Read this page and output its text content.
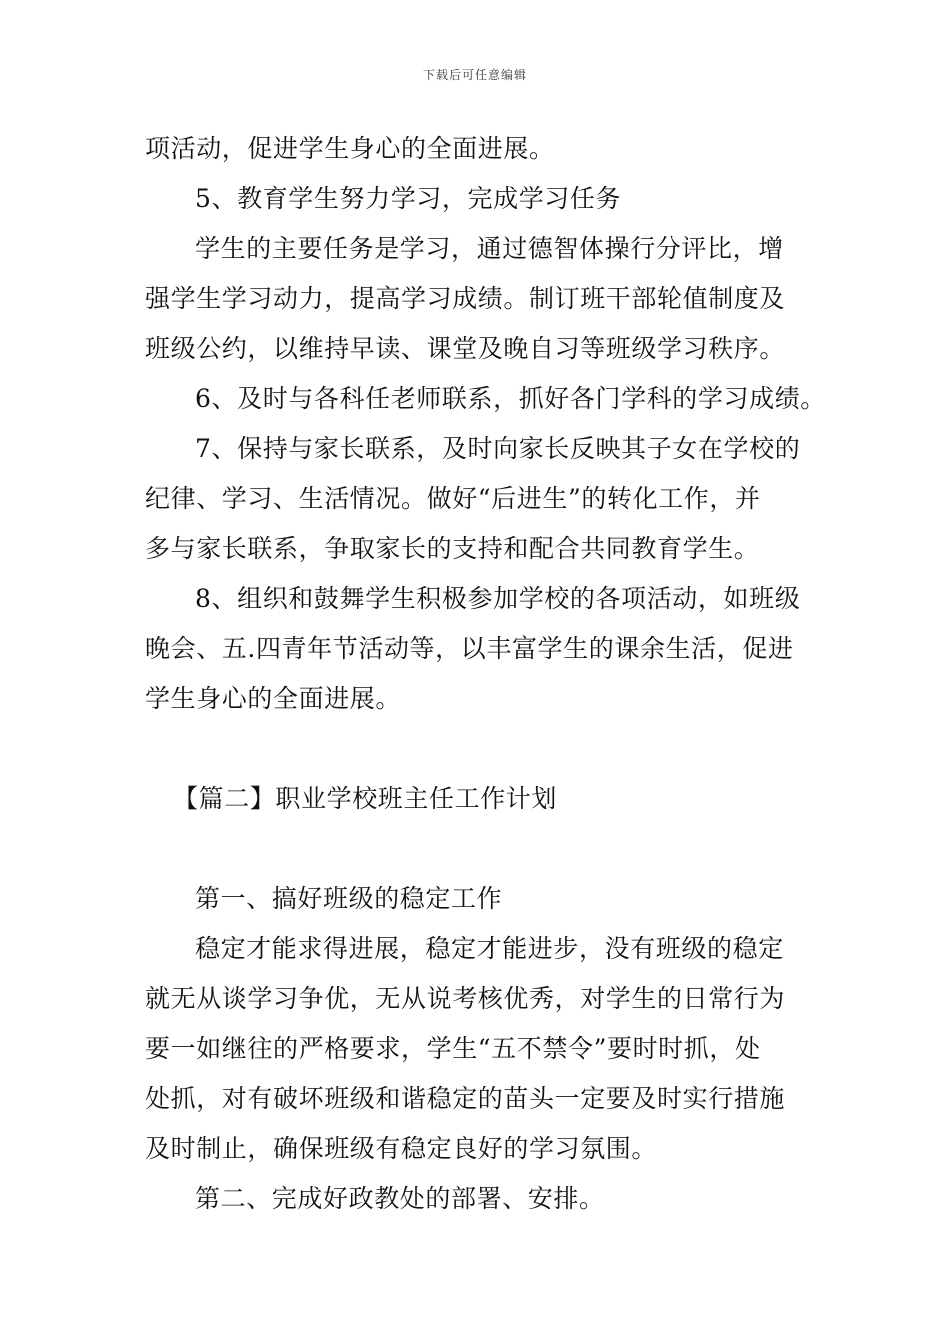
下载后可任意编辑
项活动，促进学生身心的全面进展。
5、教育学生努力学习，完成学习任务
学生的主要任务是学习，通过德智体操行分评比，增
强学生学习动力，提高学习成绩。制订班干部轮值制度及
班级公约，以维持早读、课堂及晚自习等班级学习秩序。
6、及时与各科任老师联系，抓好各门学科的学习成绩。
7、保持与家长联系，及时向家长反映其子女在学校的
纪律、学习、生活情况。做好“后进生”的转化工作，并
多与家长联系，争取家长的支持和配合共同教育学生。
8、组织和鼓舞学生积极参加学校的各项活动，如班级
晚会、五.四青年节活动等，以丰富学生的课余生活，促进
学生身心的全面进展。
【篇二】职业学校班主任工作计划
第一、搞好班级的稳定工作
稳定才能求得进展，稳定才能进步，没有班级的稳定
就无从谈学习争优，无从说考核优秀，对学生的日常行为
要一如继往的严格要求，学生“五不禁令”要时时抓，处
处抓，对有破坏班级和谐稳定的苗头一定要及时实行措施
及时制止，确保班级有稳定良好的学习氛围。
第二、完成好政教处的部署、安排。
